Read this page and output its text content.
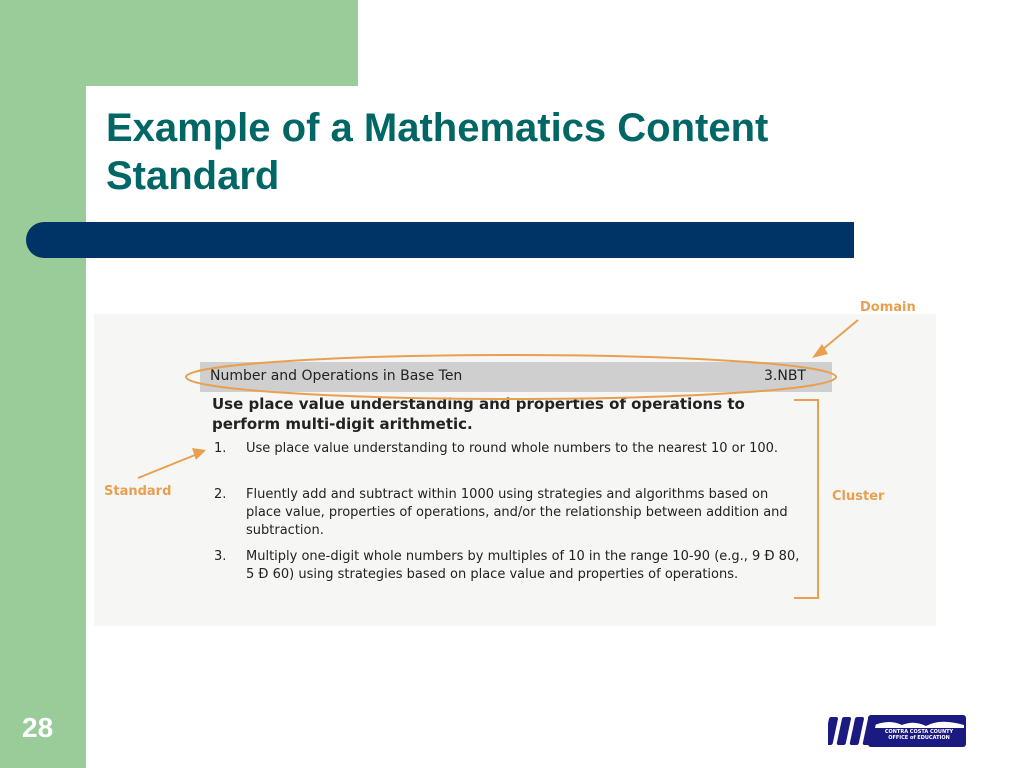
Example of a Mathematics Content Standard
Number and Operations in Base Ten	3.NBT

Use place value understanding and properties of operations to perform multi-digit arithmetic.

1. Use place value understanding to round whole numbers to the nearest 10 or 100.
2. Fluently add and subtract within 1000 using strategies and algorithms based on place value, properties of operations, and/or the relationship between addition and subtraction.
3. Multiply one-digit whole numbers by multiples of 10 in the range 10-90 (e.g., 9 Ð 80, 5 Ð 60) using strategies based on place value and properties of operations.
Domain
Standard	Cluster
28	CONTRA COSTA COUNTY
OFFICE of EDUCATION
